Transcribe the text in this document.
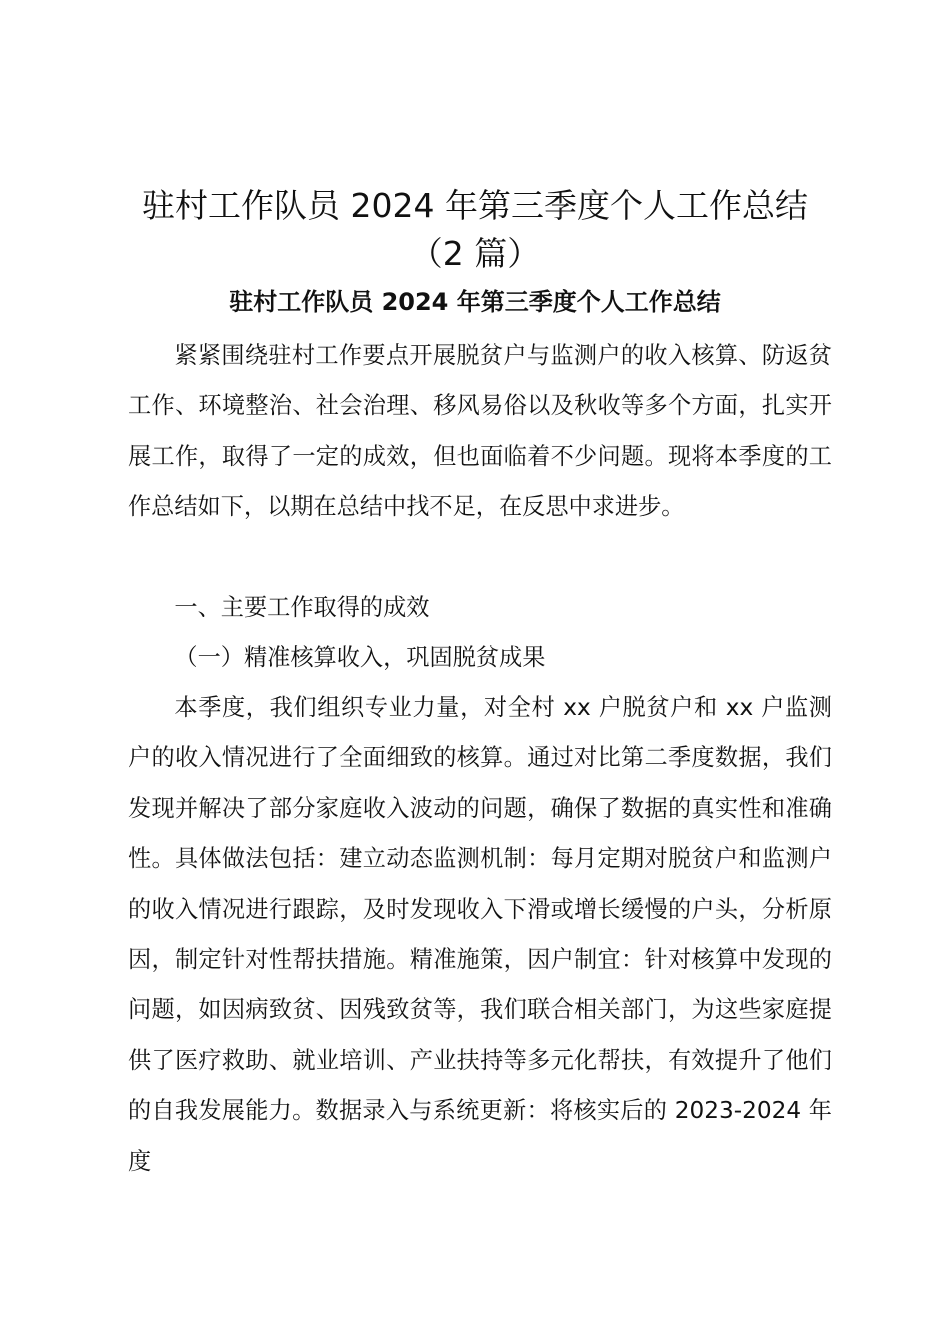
驻村工作队员 2024 年第三季度个人工作总结
（2 篇）
驻村工作队员 2024 年第三季度个人工作总结

紧紧围绕驻村工作要点开展脱贫户与监测户的收入核算、防返贫工作、环境整治、社会治理、移风易俗以及秋收等多个方面，扎实开展工作，取得了一定的成效，但也面临着不少问题。现将本季度的工作总结如下，以期在总结中找不足，在反思中求进步。

一、主要工作取得的成效

（一）精准核算收入，巩固脱贫成果

本季度，我们组织专业力量，对全村 xx 户脱贫户和 xx 户监测户的收入情况进行了全面细致的核算。通过对比第二季度数据，我们发现并解决了部分家庭收入波动的问题，确保了数据的真实性和准确性。具体做法包括：建立动态监测机制：每月定期对脱贫户和监测户的收入情况进行跟踪，及时发现收入下滑或增长缓慢的户头，分析原因，制定针对性帮扶措施。精准施策，因户制宜：针对核算中发现的问题，如因病致贫、因残致贫等，我们联合相关部门，为这些家庭提供了医疗救助、就业培训、产业扶持等多元化帮扶，有效提升了他们的自我发展能力。数据录入与系统更新：将核实后的 2023-2024 年度
